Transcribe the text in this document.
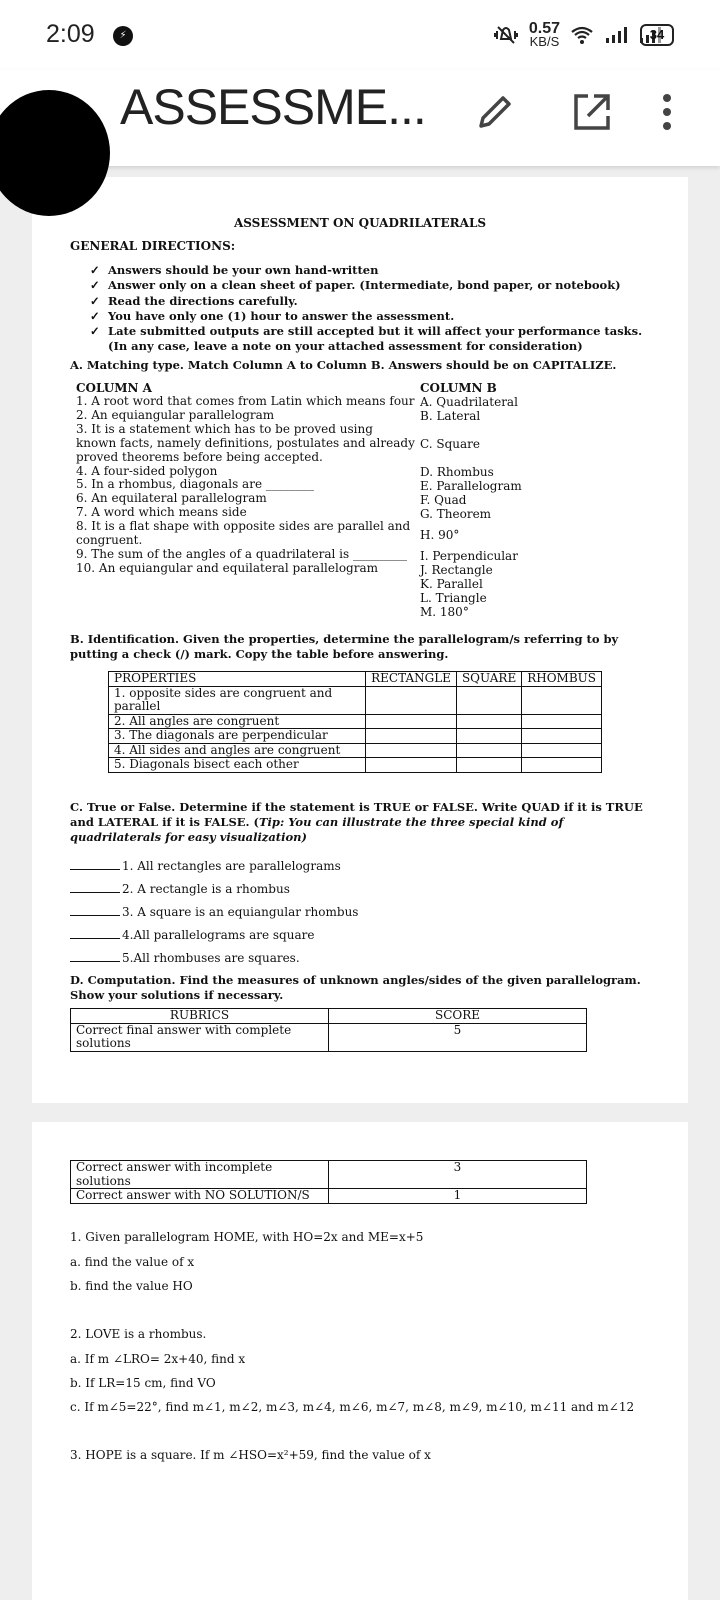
2:09	⚡	0.57
KB/S	34
ASSESSME...
ASSESSMENT ON QUADRILATERALS
GENERAL DIRECTIONS:
✓ Answers should be your own hand-written
✓ Answer only on a clean sheet of paper. (Intermediate, bond paper, or notebook)
✓ Read the directions carefully.
✓ You have only one (1) hour to answer the assessment.
✓ Late submitted outputs are still accepted but it will affect your performance tasks.
(In any case, leave a note on your attached assessment for consideration)
A. Matching type. Match Column A to Column B. Answers should be on CAPITALIZE.
COLUMN A	COLUMN B
1. A root word that comes from Latin which means four
2. An equiangular parallelogram
3. It is a statement which has to be proved using
known facts, namely definitions, postulates and already
proved theorems before being accepted.
4. A four-sided polygon
5. In a rhombus, diagonals are ________
6. An equilateral parallelogram
7. A word which means side
8. It is a flat shape with opposite sides are parallel and
congruent.
9. The sum of the angles of a quadrilateral is _________
10. An equiangular and equilateral parallelogram
A. Quadrilateral
B. Lateral
C. Square
D. Rhombus
E. Parallelogram
F. Quad
G. Theorem
H. 90°
I. Perpendicular
J. Rectangle
K. Parallel
L. Triangle
M. 180°
B. Identification. Given the properties, determine the parallelogram/s referring to by
putting a check (/) mark. Copy the table before answering.
PROPERTIES	RECTANGLE	SQUARE	RHOMBUS
1. opposite sides are congruent and parallel			
2. All angles are congruent			
3. The diagonals are perpendicular			
4. All sides and angles are congruent			
5. Diagonals bisect each other			
C. True or False. Determine if the statement is TRUE or FALSE. Write QUAD if it is TRUE
and LATERAL if it is FALSE. (Tip: You can illustrate the three special kind of
quadrilaterals for easy visualization)
1. All rectangles are parallelograms
2. A rectangle is a rhombus
3. A square is an equiangular rhombus
4.All parallelograms are square
5.All rhombuses are squares.
D. Computation. Find the measures of unknown angles/sides of the given parallelogram.
Show your solutions if necessary.
RUBRICS	SCORE

Correct final answer with complete
solutions	5
Correct answer with incomplete
solutions	3
Correct answer with NO SOLUTION/S	1
1. Given parallelogram HOME, with HO=2x and ME=x+5
a. find the value of x
b. find the value HO
2. LOVE is a rhombus.
a. If m ∠LRO= 2x+40, find x
b. If LR=15 cm, find VO
c. If m∠5=22°, find m∠1, m∠2, m∠3, m∠4, m∠6, m∠7, m∠8, m∠9, m∠10, m∠11 and m∠12
3. HOPE is a square. If m ∠HSO=x²+59, find the value of x
